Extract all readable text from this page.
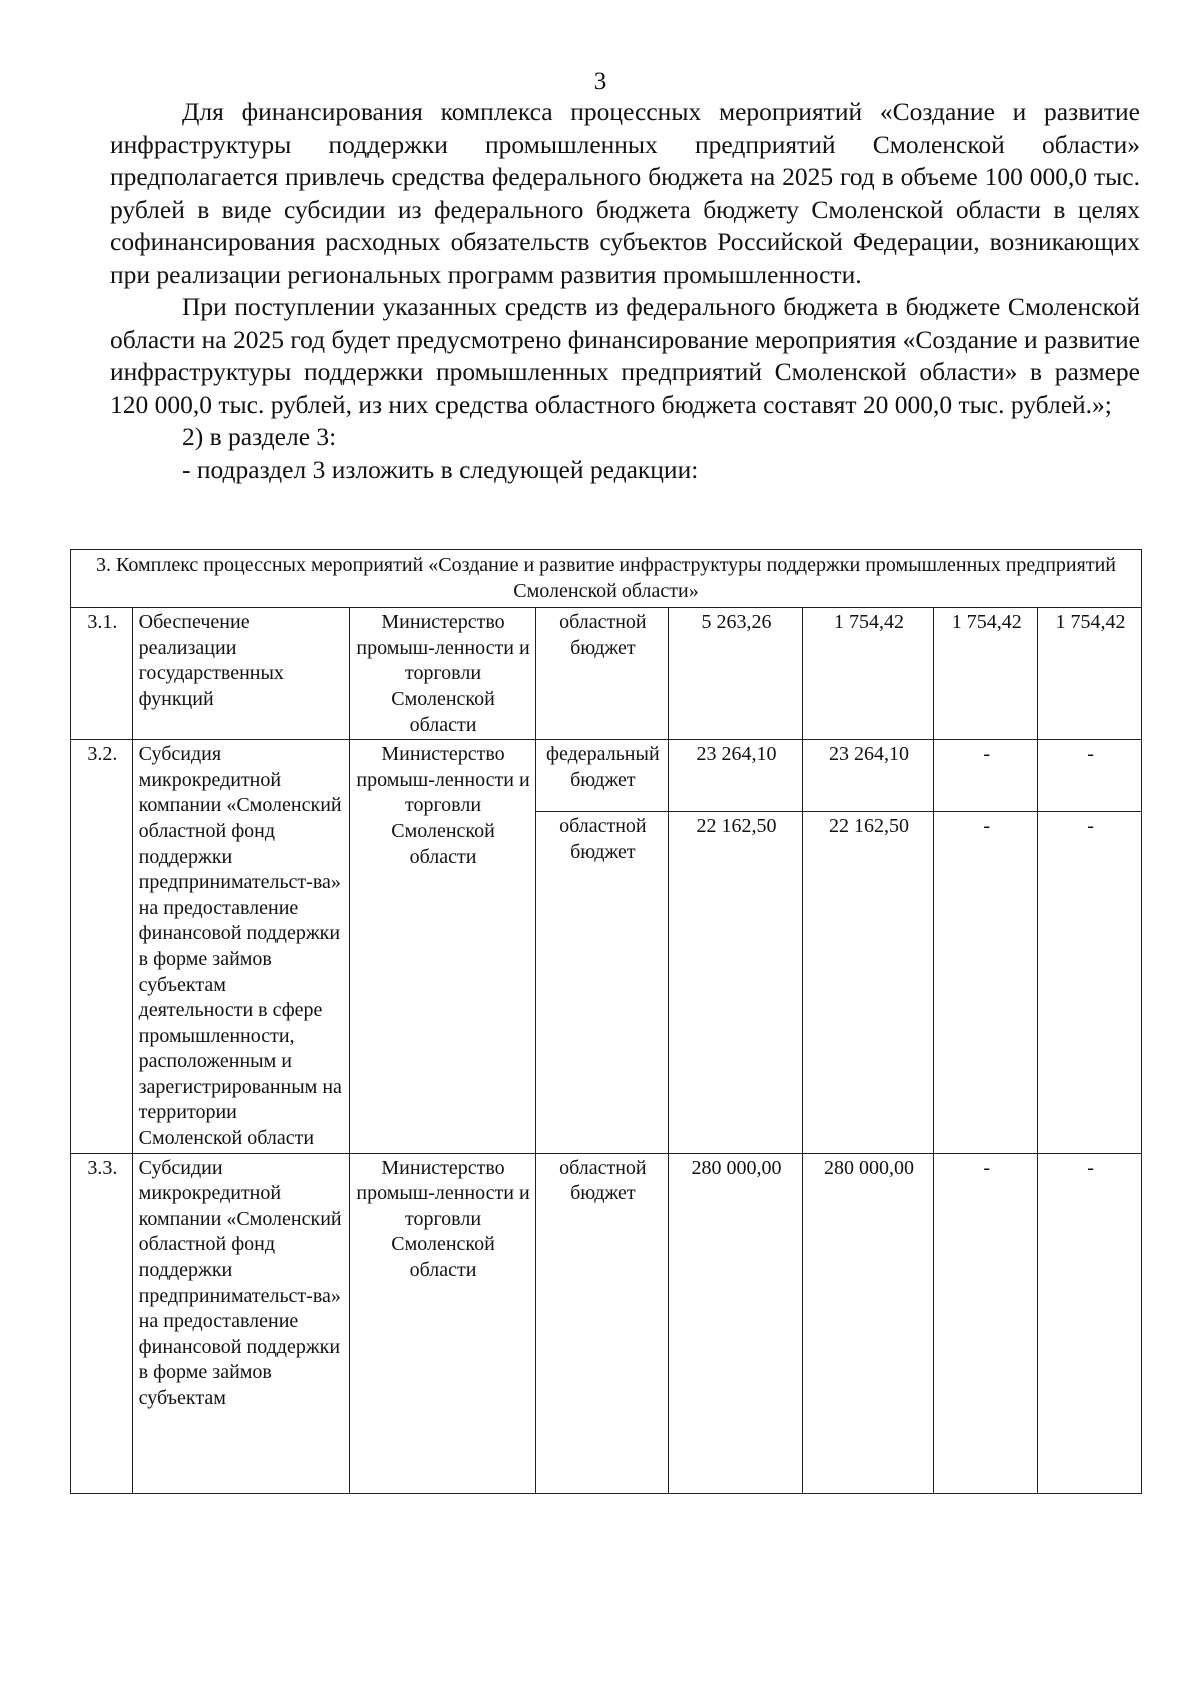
3

Для финансирования комплекса процессных мероприятий «Создание и развитие инфраструктуры поддержки промышленных предприятий Смоленской области» предполагается привлечь средства федерального бюджета на 2025 год в объеме 100 000,0 тыс. рублей в виде субсидии из федерального бюджета бюджету Смоленской области в целях софинансирования расходных обязательств субъектов Российской Федерации, возникающих при реализации региональных программ развития промышленности.

При поступлении указанных средств из федерального бюджета в бюджете Смоленской области на 2025 год будет предусмотрено финансирование мероприятия «Создание и развитие инфраструктуры поддержки промышленных предприятий Смоленской области» в размере 120 000,0 тыс. рублей, из них средства областного бюджета составят 20 000,0 тыс. рублей.»;

2) в разделе 3:

- подраздел 3 изложить в следующей редакции:

3. Комплекс процессных мероприятий «Создание и развитие инфраструктуры поддержки промышленных предприятий Смоленской области»							
3.1.	Обеспечение реализации государственных функций	Министерство промыш-ленности и торговли Смоленской области	областной бюджет	5 263,26	1 754,42	1 754,42	1 754,42
3.2.	Субсидия микрокредитной компании «Смоленский областной фонд поддержки предпринимательст-ва» на предоставление финансовой поддержки в форме займов субъектам деятельности в сфере промышленности, расположенным и зарегистрированным на территории Смоленской области	Министерство промыш-ленности и торговли Смоленской области	федеральный бюджет	23 264,10	23 264,10	-	-
			областной бюджет	22 162,50	22 162,50	-	-
3.3.	Субсидии микрокредитной компании «Смоленский областной фонд поддержки предпринимательст-ва» на предоставление финансовой поддержки в форме займов субъектам	Министерство промыш-ленности и торговли Смоленской области	областной бюджет	280 000,00	280 000,00	-	-
